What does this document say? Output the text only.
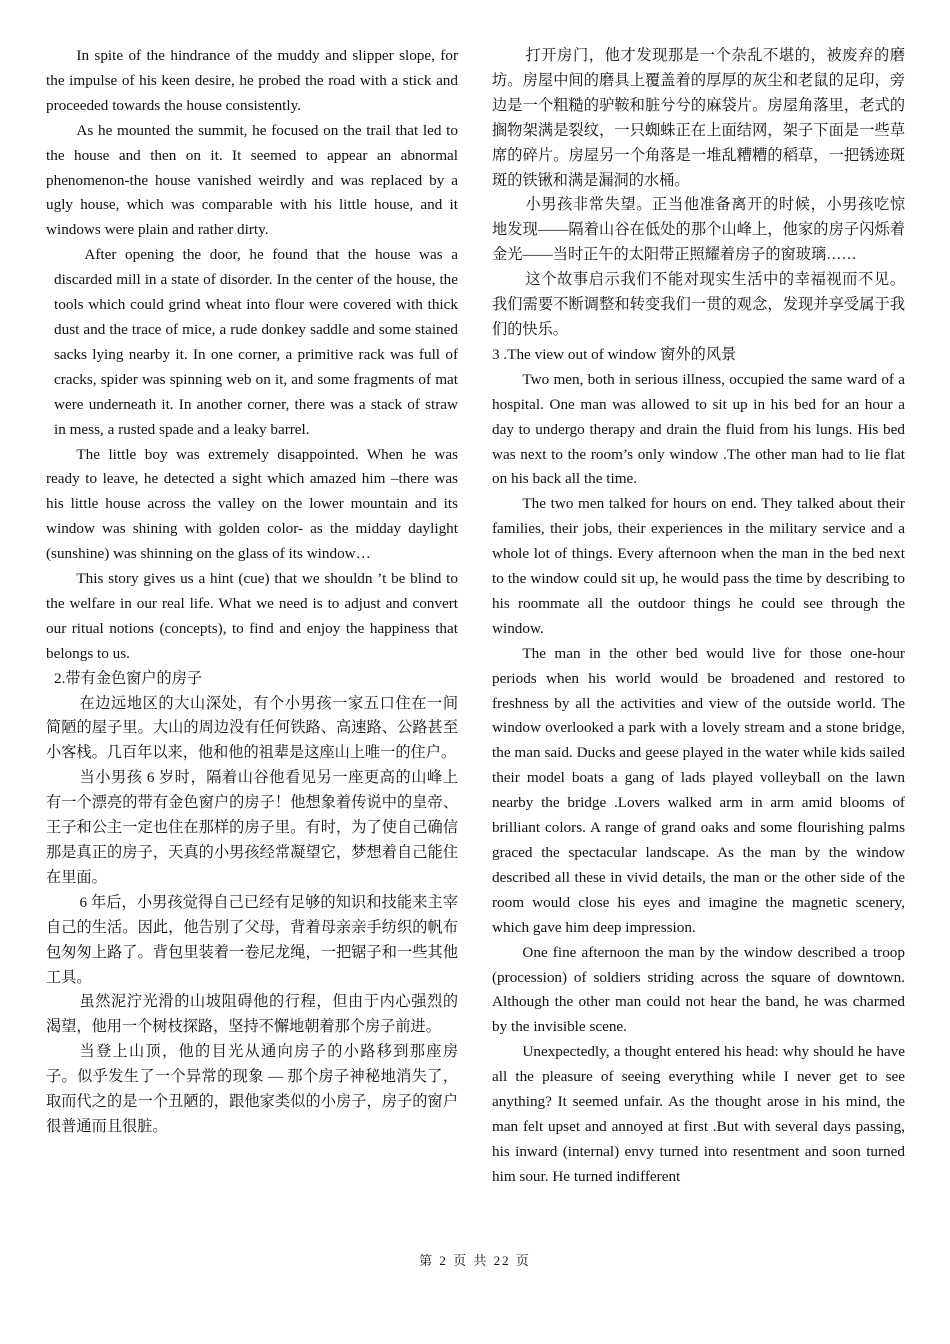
In spite of the hindrance of the muddy and slipper slope, for the impulse of his keen desire, he probed the road with a stick and proceeded towards the house consistently.

As he mounted the summit, he focused on the trail that led to the house and then on it. It seemed to appear an abnormal phenomenon-the house vanished weirdly and was replaced by a ugly house, which was comparable with his little house, and it windows were plain and rather dirty.

After opening the door, he found that the house was a discarded mill in a state of disorder. In the center of the house, the tools which could grind wheat into flour were covered with thick dust and the trace of mice, a rude donkey saddle and some stained sacks lying nearby it. In one corner, a primitive rack was full of cracks, spider was spinning web on it, and some fragments of mat were underneath it. In another corner, there was a stack of straw in mess, a rusted spade and a leaky barrel.

The little boy was extremely disappointed. When he was ready to leave, he detected a sight which amazed him –there was his little house across the valley on the lower mountain and its window was shining with golden color- as the midday daylight (sunshine) was shinning on the glass of its window…

This story gives us a hint (cue) that we shouldn ’t be blind to the welfare in our real life. What we need is to adjust and convert our ritual notions (concepts), to find and enjoy the happiness that belongs to us.

2.带有金色窗户的房子

在边远地区的大山深处，有个小男孩一家五口住在一间简陋的屋子里。大山的周边没有任何铁路、高速路、公路甚至小客栈。几百年以来，他和他的祖辈是这座山上唯一的住户。

当小男孩 6 岁时，隔着山谷他看见另一座更高的山峰上有一个漂亮的带有金色窗户的房子！他想象着传说中的皇帝、王子和公主一定也住在那样的房子里。有时，为了使自己确信那是真正的房子，天真的小男孩经常凝望它，梦想着自己能住在里面。

6 年后，小男孩觉得自己已经有足够的知识和技能来主宰自己的生活。因此，他告别了父母，背着母亲亲手纺织的帆布包匆匆上路了。背包里装着一卷尼龙绳，一把锯子和一些其他工具。

虽然泥泞光滑的山坡阻碍他的行程，但由于内心强烈的渴望，他用一个树枝探路，坚持不懈地朝着那个房子前进。

当登上山顶，他的目光从通向房子的小路移到那座房子。似乎发生了一个异常的现象 — 那个房子神秘地消失了，取而代之的是一个丑陋的，跟他家类似的小房子，房子的窗户很普通而且很脏。

打开房门，他才发现那是一个杂乱不堪的，被废弃的磨坊。房屋中间的磨具上覆盖着的厚厚的灰尘和老鼠的足印，旁边是一个粗糙的驴鞍和脏兮兮的麻袋片。房屋角落里，老式的搁物架满是裂纹，一只蜘蛛正在上面结网，架子下面是一些草席的碎片。房屋另一个角落是一堆乱糟糟的稻草，一把锈迹斑斑的铁锹和满是漏洞的水桶。

小男孩非常失望。正当他准备离开的时候，小男孩吃惊地发现——隔着山谷在低处的那个山峰上，他家的房子闪烁着金光——当时正午的太阳带正照耀着房子的窗玻璃……

这个故事启示我们不能对现实生活中的幸福视而不见。我们需要不断调整和转变我们一贯的观念，发现并享受属于我们的快乐。

3 .The view out of window 窗外的风景

Two men, both in serious illness, occupied the same ward of a hospital. One man was allowed to sit up in his bed for an hour a day to undergo therapy and drain the fluid from his lungs. His bed was next to the room’s only window .The other man had to lie flat on his back all the time.

The two men talked for hours on end. They talked about their families, their jobs, their experiences in the military service and a whole lot of things. Every afternoon when the man in the bed next to the window could sit up, he would pass the time by describing to his roommate all the outdoor things he could see through the window.

The man in the other bed would live for those one-hour periods when his world would be broadened and restored to freshness by all the activities and view of the outside world. The window overlooked a park with a lovely stream and a stone bridge, the man said. Ducks and geese played in the water while kids sailed their model boats a gang of lads played volleyball on the lawn nearby the bridge .Lovers walked arm in arm amid blooms of brilliant colors. A range of grand oaks and some flourishing palms graced the spectacular landscape. As the man by the window described all these in vivid details, the man or the other side of the room would close his eyes and imagine the magnetic scenery, which gave him deep impression.

One fine afternoon the man by the window described a troop (procession) of soldiers striding across the square of downtown. Although the other man could not hear the band, he was charmed by the invisible scene.

Unexpectedly, a thought entered his head: why should he have all the pleasure of seeing everything while I never get to see anything? It seemed unfair. As the thought arose in his mind, the man felt upset and annoyed at first .But with several days passing, his inward (internal) envy turned into resentment and soon turned him sour. He turned indifferent

第 2 页 共 22 页
